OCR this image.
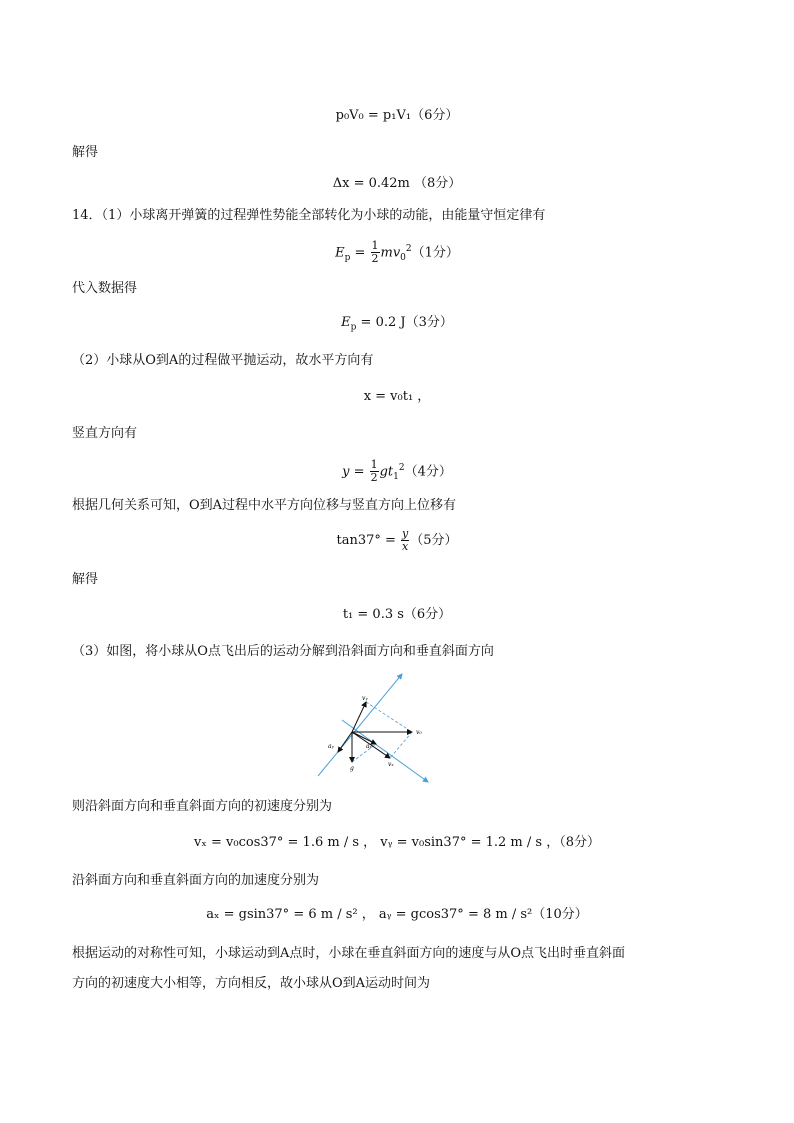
p₀V₀ = p₁V₁（6分）
解得
Δx = 0.42m （8分）
14．（1）小球离开弹簧的过程弹性势能全部转化为小球的动能，由能量守恒定律有
$E_p = \frac{1}{2} mv_0^2(1$分）
代入数据得
$E_p = 0.2$ J（3分）
（2）小球从O到A的过程做平抛运动，故水平方向有
x = v₀t₁ ，
竖直方向有
$y = \frac{1}{2} gt_1^2(4$分）
根据几何关系可知，O到A过程中水平方向位移与竖直方向上位移有
$\tan 37^\circ = \frac{y}{x} (5$分）
解得
t₁ = 0.3 s（6分）
（3）如图，将小球从O点飞出后的运动分解到沿斜面方向和垂直斜面方向
vᵧ
v₀
aᵧ	aₓ
g
vₓ
则沿斜面方向和垂直斜面方向的初速度分别为
vₓ = v₀cos37° = 1.6 m / s ， vᵧ = v₀sin37° = 1.2 m / s ，（8分）
沿斜面方向和垂直斜面方向的加速度分别为
aₓ = gsin37° = 6 m / s² ， aᵧ = gcos37° = 8 m / s²（10分）
根据运动的对称性可知，小球运动到A点时，小球在垂直斜面方向的速度与从O点飞出时垂直斜面
方向的初速度大小相等，方向相反，故小球从O到A运动时间为
